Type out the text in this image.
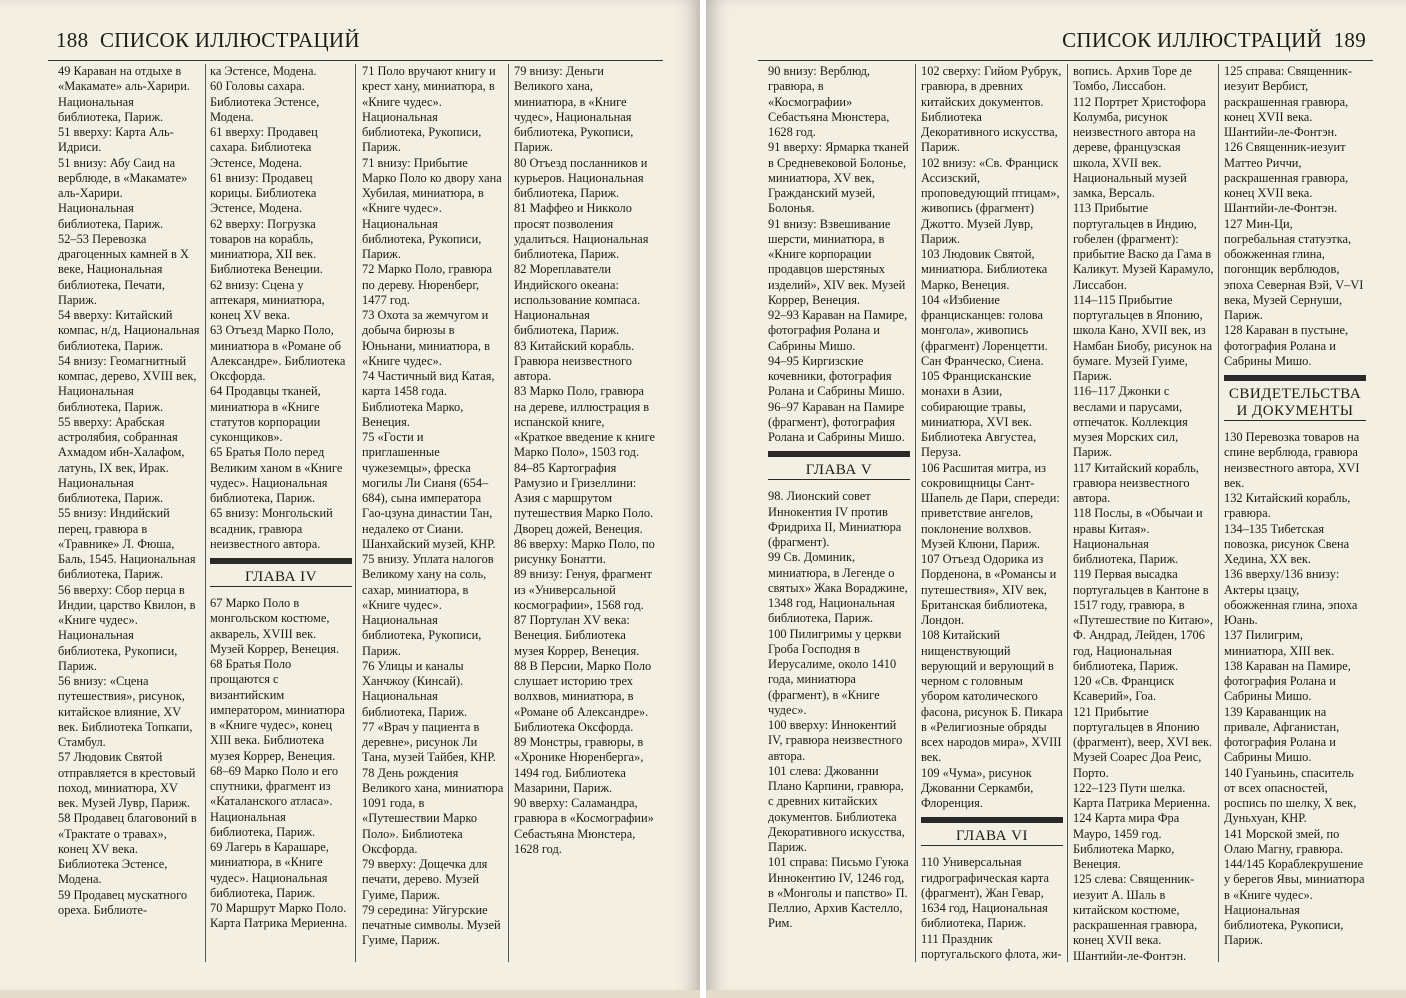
188 СПИСОК ИЛЛЮСТРАЦИЙ

49 Караван на отдыхе в «Макамате» аль-Харири. Национальная библиотека, Париж.

51 вверху: Карта Аль-Идриси.

51 внизу: Абу Саид на верблюде, в «Макамате» аль-Харири. Национальная библиотека, Париж.

52–53 Перевозка драгоценных камней в X веке, Национальная библиотека, Печати, Париж.

54 вверху: Китайский компас, н/д, Национальная библиотека, Париж.

54 внизу: Геомагнитный компас, дерево, XVIII век, Национальная библиотека, Париж.

55 вверху: Арабская астролябия, собранная Ахмадом ибн-Халафом, латунь, IX век, Ирак. Национальная библиотека, Париж.

55 внизу: Индийский перец, гравюра в «Травнике» Л. Фюша, Баль, 1545. Национальная библиотека, Париж.

56 вверху: Сбор перца в Индии, царство Квилон, в «Книге чудес». Национальная библиотека, Рукописи, Париж.

56 внизу: «Сцена путешествия», рисунок, китайское влияние, XV век. Библиотека Топкапи, Стамбул.

57 Людовик Святой отправляется в крестовый поход, миниатюра, XV век. Музей Лувр, Париж.

58 Продавец благовоний в «Трактате о травах», конец XV века. Библиотека Эстенсе, Модена.

59 Продавец мускатного ореха. Библиоте-

ка Эстенсе, Модена.

60 Головы сахара. Библиотека Эстенсе, Модена.

61 вверху: Продавец сахара. Библиотека Эстенсе, Модена.

61 внизу: Продавец корицы. Библиотека Эстенсе, Модена.

62 вверху: Погрузка товаров на корабль, миниатюра, XII век. Библиотека Венеции.

62 внизу: Сцена у аптекаря, миниатюра, конец XV века.

63 Отъезд Марко Поло, миниатюра в «Романе об Александре». Библиотека Оксфорда.

64 Продавцы тканей, миниатюра в «Книге статутов корпорации суконщиков».

65 Братья Поло перед Великим ханом в «Книге чудес». Национальная библиотека, Париж.

65 внизу: Монгольский всадник, гравюра неизвестного автора.

ГЛАВА IV

67 Марко Поло в монгольском костюме, акварель, XVIII век. Музей Коррер, Венеция.

68 Братья Поло прощаются с византийским императором, миниатюра в «Книге чудес», конец XIII века. Библиотека музея Коррер, Венеция.

68–69 Марко Поло и его спутники, фрагмент из «Каталанского атласа». Национальная библиотека, Париж.

69 Лагерь в Карашаре, миниатюра, в «Книге чудес». Национальная библиотека, Париж.

70 Маршрут Марко Поло. Карта Патрика Мериенна.

71 Поло вручают книгу и крест хану, миниатюра, в «Книге чудес». Национальная библиотека, Рукописи, Париж.

71 внизу: Прибытие Марко Поло ко двору хана Хубилая, миниатюра, в «Книге чудес». Национальная библиотека, Рукописи, Париж.

72 Марко Поло, гравюра по дереву. Нюренберг, 1477 год.

73 Охота за жемчугом и добыча бирюзы в Юньнани, миниатюра, в «Книге чудес».

74 Частичный вид Катая, карта 1458 года. Библиотека Марко, Венеция.

75 «Гости и приглашенные чужеземцы», фреска могилы Ли Сианя (654–684), сына императора Гао-цзуна династии Тан, недалеко от Сиани. Шанхайский музей, КНР.

75 внизу. Уплата налогов Великому хану на соль, сахар, миниатюра, в «Книге чудес». Национальная библиотека, Рукописи, Париж.

76 Улицы и каналы Ханчжоу (Кинсай). Национальная библиотека, Париж.

77 «Врач у пациента в деревне», рисунок Ли Тана, музей Тайбея, КНР.

78 День рождения Великого хана, миниатюра 1091 года, в «Путешествии Марко Поло». Библиотека Оксфорда.

79 вверху: Дощечка для печати, дерево. Музей Гуиме, Париж.

79 середина: Уйгурские печатные символы. Музей Гуиме, Париж.

79 внизу: Деньги Великого хана, миниатюра, в «Книге чудес», Национальная библиотека, Рукописи, Париж.

80 Отъезд посланников и курьеров. Национальная библиотека, Париж.

81 Маффео и Никколо просят позволения удалиться. Национальная библиотека, Париж.

82 Мореплаватели Индийского океана: использование компаса. Национальная библиотека, Париж.

83 Китайский корабль. Гравюра неизвестного автора.

83 Марко Поло, гравюра на дереве, иллюстрация в испанской книге, «Краткое введение к книге Марко Поло», 1503 год.

84–85 Картография Рамузио и Гризеллини: Азия с маршрутом путешествия Марко Поло. Дворец дожей, Венеция.

86 вверху: Марко Поло, по рисунку Бонатти.

89 внизу: Генуя, фрагмент из «Универсальной космографии», 1568 год.

87 Портулан XV века: Венеция. Библиотека музея Коррер, Венеция.

88 В Персии, Марко Поло слушает историю трех волхвов, миниатюра, в «Романе об Александре». Библиотека Оксфорда.

89 Монстры, гравюры, в «Хронике Нюренберга», 1494 год. Библиотека Мазарини, Париж.

90 вверху: Саламандра, гравюра в «Космографии» Себастьяна Мюнстера, 1628 год.

СПИСОК ИЛЛЮСТРАЦИЙ 189

90 внизу: Верблюд, гравюра, в «Космографии» Себастьяна Мюнстера, 1628 год.

91 вверху: Ярмарка тканей в Средневековой Болонье, миниатюра, XV век, Гражданский музей, Болонья.

91 внизу: Взвешивание шерсти, миниатюра, в «Книге корпорации продавцов шерстяных изделий», XIV век. Музей Коррер, Венеция.

92–93 Караван на Памире, фотография Ролана и Сабрины Мишо.

94–95 Киргизские кочевники, фотография Ролана и Сабрины Мишо.

96–97 Караван на Памире (фрагмент), фотография Ролана и Сабрины Мишо.

ГЛАВА V

98. Лионский совет Иннокентия IV против Фридриха II, Миниатюра (фрагмент).

99 Св. Доминик, миниатюра, в Легенде о святых» Жака Вораджине, 1348 год, Национальная библиотека, Париж.

100 Пилигримы у церкви Гроба Господня в Иерусалиме, около 1410 года, миниатюра (фрагмент), в «Книге чудес».

100 вверху: Иннокентий IV, гравюра неизвестного автора.

101 слева: Джованни Плано Карпини, гравюра, с древних китайских документов. Библиотека Декоративного искусства, Париж.

101 справа: Письмо Гуюка Иннокентию IV, 1246 год, в «Монголы и папство» П. Пеллио, Архив Кастелло, Рим.

102 сверху: Гийом Рубрук, гравюра, в древних китайских документов. Библиотека Декоративного искусства, Париж.

102 внизу: «Св. Франциск Ассизский, проповедующий птицам», живопись (фрагмент) Джотто. Музей Лувр, Париж.

103 Людовик Святой, миниатюра. Библиотека Марко, Венеция.

104 «Избиение францисканцев: голова монгола», живопись (фрагмент) Лоренцетти. Сан Франческо, Сиена.

105 Францисканские монахи в Азии, собирающие травы, миниатюра, XVI век. Библиотека Августеа, Перуза.

106 Расшитая митра, из сокровищницы Сант-Шапель де Пари, спереди: приветствие ангелов, поклонение волхвов. Музей Клюни, Париж.

107 Отъезд Одорика из Порденона, в «Романсы и путешествия», XIV век, Британская библиотека, Лондон.

108 Китайский нищенствующий верующий и верующий в черном с головным убором католического фасона, рисунок Б. Пикара в «Религиозные обряды всех народов мира», XVIII век.

109 «Чума», рисунок Джованни Серкамби, Флоренция.

ГЛАВА VI

110 Универсальная гидрографическая карта (фрагмент), Жан Гевар, 1634 год, Национальная библиотека, Париж.

111 Праздник португальского флота, жи-

вопись. Архив Торе де Томбо, Лиссабон.

112 Портрет Христофора Колумба, рисунок неизвестного автора на дереве, французская школа, XVII век. Национальный музей замка, Версаль.

113 Прибытие португальцев в Индию, гобелен (фрагмент): прибытие Васко да Гама в Каликут. Музей Карамуло, Лиссабон.

114–115 Прибытие португальцев в Японию, школа Кано, XVII век, из Намбан Биобу, рисунок на бумаге. Музей Гуиме, Париж.

116–117 Джонки с веслами и парусами, отпечаток. Коллекция музея Морских сил, Париж.

117 Китайский корабль, гравюра неизвестного автора.

118 Послы, в «Обычаи и нравы Китая». Национальная библиотека, Париж.

119 Первая высадка португальцев в Кантоне в 1517 году, гравюра, в «Путешествие по Китаю», Ф. Андрад, Лейден, 1706 год, Национальная библиотека, Париж.

120 «Св. Франциск Ксаверий», Гоа.

121 Прибытие португальцев в Японию (фрагмент), веер, XVI век. Музей Соарес Доа Реис, Порто.

122–123 Пути шелка. Карта Патрика Мериенна.

124 Карта мира Фра Мауро, 1459 год. Библиотека Марко, Венеция.

125 слева: Священник-иезуит А. Шаль в китайском костюме, раскрашенная гравюра, конец XVII века. Шантийи-ле-Фонтэн.

125 справа: Священник-иезуит Вербист, раскрашенная гравюра, конец XVII века. Шантийи-ле-Фонтэн.

126 Священник-иезуит Маттео Риччи, раскрашенная гравюра, конец XVII века. Шантийи-ле-Фонтэн.

127 Мин-Ци, погребальная статуэтка, обожженная глина, погонщик верблюдов, эпоха Северная Вэй, V–VI века, Музей Сернуши, Париж.

128 Караван в пустыне, фотография Ролана и Сабрины Мишо.

СВИДЕТЕЛЬСТВА И ДОКУМЕНТЫ

130 Перевозка товаров на спине верблюда, гравюра неизвестного автора, XVI век.

132 Китайский корабль, гравюра.

134–135 Тибетская повозка, рисунок Свена Хедина, XX век.

136 вверху/136 внизу: Актеры цзацу, обожженная глина, эпоха Юань.

137 Пилигрим, миниатюра, XIII век.

138 Караван на Памире, фотография Ролана и Сабрины Мишо.

139 Караванщик на привале, Афганистан, фотография Ролана и Сабрины Мишо.

140 Гуаньинь, спаситель от всех опасностей, роспись по шелку, X век, Дуньхуан, КНР.

141 Морской змей, по Олаю Магну, гравюра.

144/145 Кораблекрушение у берегов Явы, миниатюра в «Книге чудес». Национальная библиотека, Рукописи, Париж.
